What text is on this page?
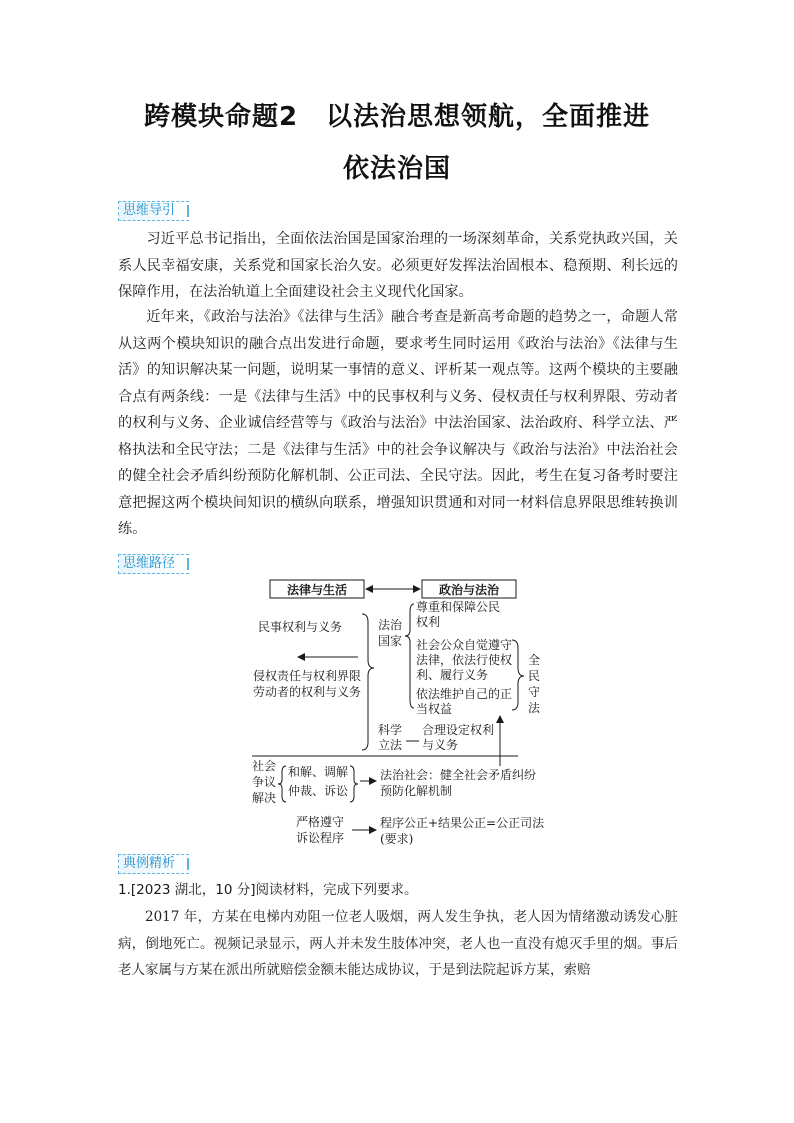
跨模块命题2 以法治思想领航，全面推进
依法治国
思维导引

习近平总书记指出，全面依法治国是国家治理的一场深刻革命，关系党执政兴国，关系人民幸福安康，关系党和国家长治久安。必须更好发挥法治固根本、稳预期、利长远的保障作用，在法治轨道上全面建设社会主义现代化国家。

近年来，《政治与法治》《法律与生活》融合考查是新高考命题的趋势之一，命题人常从这两个模块知识的融合点出发进行命题，要求考生同时运用《政治与法治》《法律与生活》的知识解决某一问题，说明某一事情的意义、评析某一观点等。这两个模块的主要融合点有两条线：一是《法律与生活》中的民事权利与义务、侵权责任与权利界限、劳动者的权利与义务、企业诚信经营等与《政治与法治》中法治国家、法治政府、科学立法、严格执法和全民守法；二是《法律与生活》中的社会争议解决与《政治与法治》中法治社会的健全社会矛盾纠纷预防化解机制、公正司法、全民守法。因此，考生在复习备考时要注意把握这两个模块间知识的横纵向联系，增强知识贯通和对同一材料信息界限思维转换训练。

思维路径
法律与生活	政治与法治
民事权利与义务
侵权责任与权利界限
劳动者的权利与义务
法治
国家
尊重和保障公民
权利
社会公众自觉遵守
法律，依法行使权
利、履行义务
依法维护自己的正
当权益
全
民
守
法
科学
立法
合理设定权利
与义务
社会
争议
解决
和解、调解
仲裁、诉讼
法治社会：健全社会矛盾纠纷
预防化解机制
严格遵守
诉讼程序
程序公正+结果公正=公正司法
(要求)
典例精析
1.[2023 湖北，10 分]阅读材料，完成下列要求。

2017 年，方某在电梯内劝阻一位老人吸烟，两人发生争执，老人因为情绪激动诱发心脏病，倒地死亡。视频记录显示，两人并未发生肢体冲突，老人也一直没有熄灭手里的烟。事后老人家属与方某在派出所就赔偿金额未能达成协议，于是到法院起诉方某，索赔
